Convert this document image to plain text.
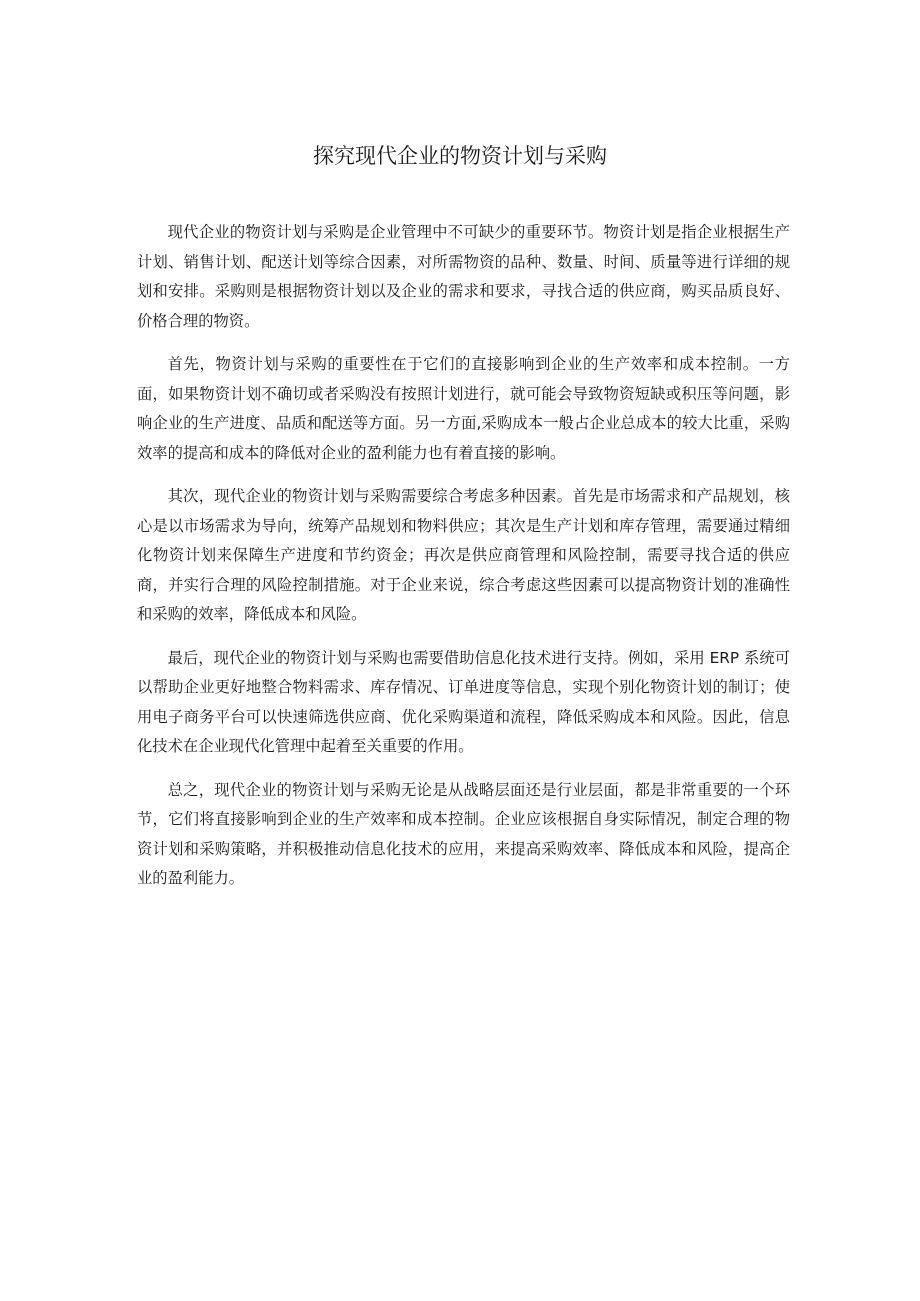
探究现代企业的物资计划与采购

现代企业的物资计划与采购是企业管理中不可缺少的重要环节。物资计划是指企业根据生产计划、销售计划、配送计划等综合因素，对所需物资的品种、数量、时间、质量等进行详细的规划和安排。采购则是根据物资计划以及企业的需求和要求，寻找合适的供应商，购买品质良好、价格合理的物资。

首先，物资计划与采购的重要性在于它们的直接影响到企业的生产效率和成本控制。一方面，如果物资计划不确切或者采购没有按照计划进行，就可能会导致物资短缺或积压等问题，影响企业的生产进度、品质和配送等方面。另一方面,采购成本一般占企业总成本的较大比重，采购效率的提高和成本的降低对企业的盈利能力也有着直接的影响。

其次，现代企业的物资计划与采购需要综合考虑多种因素。首先是市场需求和产品规划，核心是以市场需求为导向，统筹产品规划和物料供应；其次是生产计划和库存管理，需要通过精细化物资计划来保障生产进度和节约资金；再次是供应商管理和风险控制，需要寻找合适的供应商，并实行合理的风险控制措施。对于企业来说，综合考虑这些因素可以提高物资计划的准确性和采购的效率，降低成本和风险。

最后，现代企业的物资计划与采购也需要借助信息化技术进行支持。例如，采用 ERP 系统可以帮助企业更好地整合物料需求、库存情况、订单进度等信息，实现个别化物资计划的制订；使用电子商务平台可以快速筛选供应商、优化采购渠道和流程，降低采购成本和风险。因此，信息化技术在企业现代化管理中起着至关重要的作用。

总之，现代企业的物资计划与采购无论是从战略层面还是行业层面，都是非常重要的一个环节，它们将直接影响到企业的生产效率和成本控制。企业应该根据自身实际情况，制定合理的物资计划和采购策略，并积极推动信息化技术的应用，来提高采购效率、降低成本和风险，提高企业的盈利能力。
